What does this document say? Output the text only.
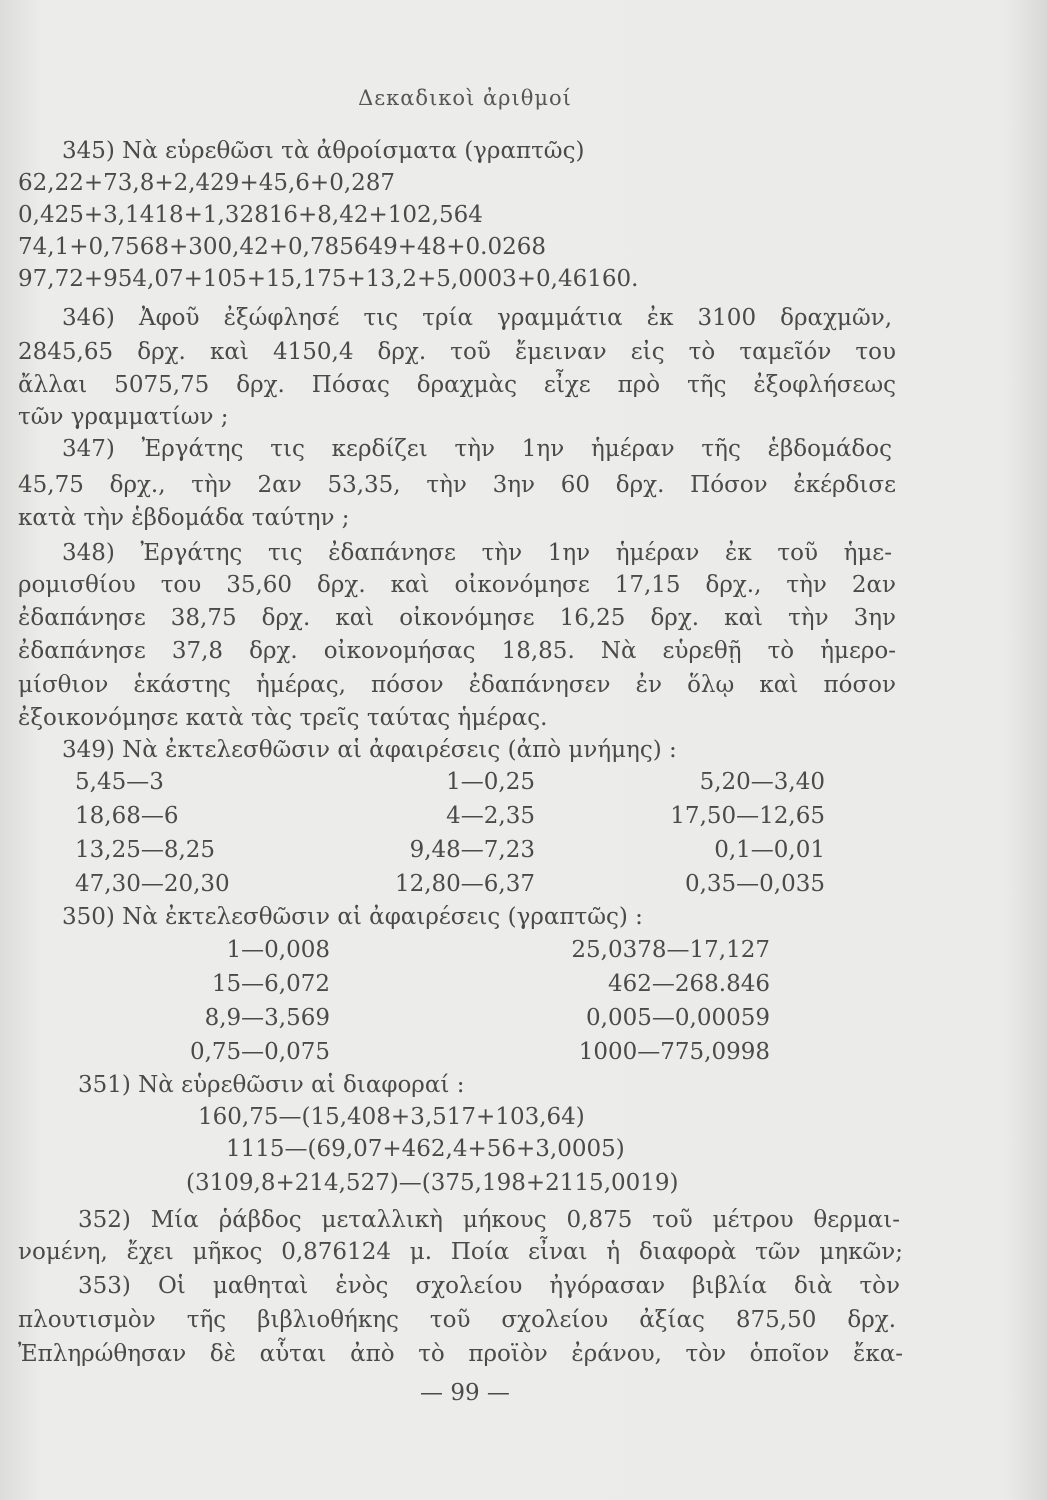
Δεκαδικοὶ ἀριθμοί
345) Νὰ εὑρεθῶσι τὰ ἀθροίσματα (γραπτῶς)
62,22+73,8+2,429+45,6+0,287
0,425+3,1418+1,32816+8,42+102,564
74,1+0,7568+300,42+0,785649+48+0.0268
97,72+954,07+105+15,175+13,2+5,0003+0,46160.
346) Ἀφοῦ ἐξώφλησέ τις τρία γραμμάτια ἐκ 3100 δραχμῶν,
2845,65 δρχ. καὶ 4150,4 δρχ. τοῦ ἔμειναν εἰς τὸ ταμεῖόν του
ἄλλαι 5075,75 δρχ. Πόσας δραχμὰς εἶχε πρὸ τῆς ἐξοφλήσεως
τῶν γραμματίων ;
347) Ἐργάτης τις κερδίζει τὴν 1ην ἡμέραν τῆς ἑβδομάδος
45,75 δρχ., τὴν 2αν 53,35, τὴν 3ην 60 δρχ. Πόσον ἐκέρδισε
κατὰ τὴν ἑβδομάδα ταύτην ;
348) Ἐργάτης τις ἐδαπάνησε τὴν 1ην ἡμέραν ἐκ τοῦ ἡμε-
ρομισθίου του 35,60 δρχ. καὶ οἰκονόμησε 17,15 δρχ., τὴν 2αν
ἐδαπάνησε 38,75 δρχ. καὶ οἰκονόμησε 16,25 δρχ. καὶ τὴν 3ην
ἐδαπάνησε 37,8 δρχ. οἰκονομήσας 18,85. Νὰ εὑρεθῇ τὸ ἡμερο-
μίσθιον ἑκάστης ἡμέρας, πόσον ἐδαπάνησεν ἐν ὅλῳ καὶ πόσον
ἐξοικονόμησε κατὰ τὰς τρεῖς ταύτας ἡμέρας.
349) Νὰ ἐκτελεσθῶσιν αἱ ἀφαιρέσεις (ἀπὸ μνήμης) :
5,45—3	1—0,25	5,20—3,40
18,68—6	4—2,35	17,50—12,65
13,25—8,25	9,48—7,23	0,1—0,01
47,30—20,30	12,80—6,37	0,35—0,035
350) Νὰ ἐκτελεσθῶσιν αἱ ἀφαιρέσεις (γραπτῶς) :
1—0,008	25,0378—17,127
15—6,072	462—268.846
8,9—3,569	0,005—0,00059
0,75—0,075	1000—775,0998
351) Νὰ εὑρεθῶσιν αἱ διαφοραί :
160,75—(15,408+3,517+103,64)
1115—(69,07+462,4+56+3,0005)
(3109,8+214,527)—(375,198+2115,0019)
352) Μία ῥάβδος μεταλλικὴ μήκους 0,875 τοῦ μέτρου θερμαι-
νομένη, ἔχει μῆκος 0,876124 μ. Ποία εἶναι ἡ διαφορὰ τῶν μηκῶν;
353) Οἱ μαθηταὶ ἑνὸς σχολείου ἠγόρασαν βιβλία διὰ τὸν
πλουτισμὸν τῆς βιβλιοθήκης τοῦ σχολείου ἀξίας 875,50 δρχ.
Ἐπληρώθησαν δὲ αὗται ἀπὸ τὸ προϊὸν ἐράνου, τὸν ὁποῖον ἔκα-
— 99 —
